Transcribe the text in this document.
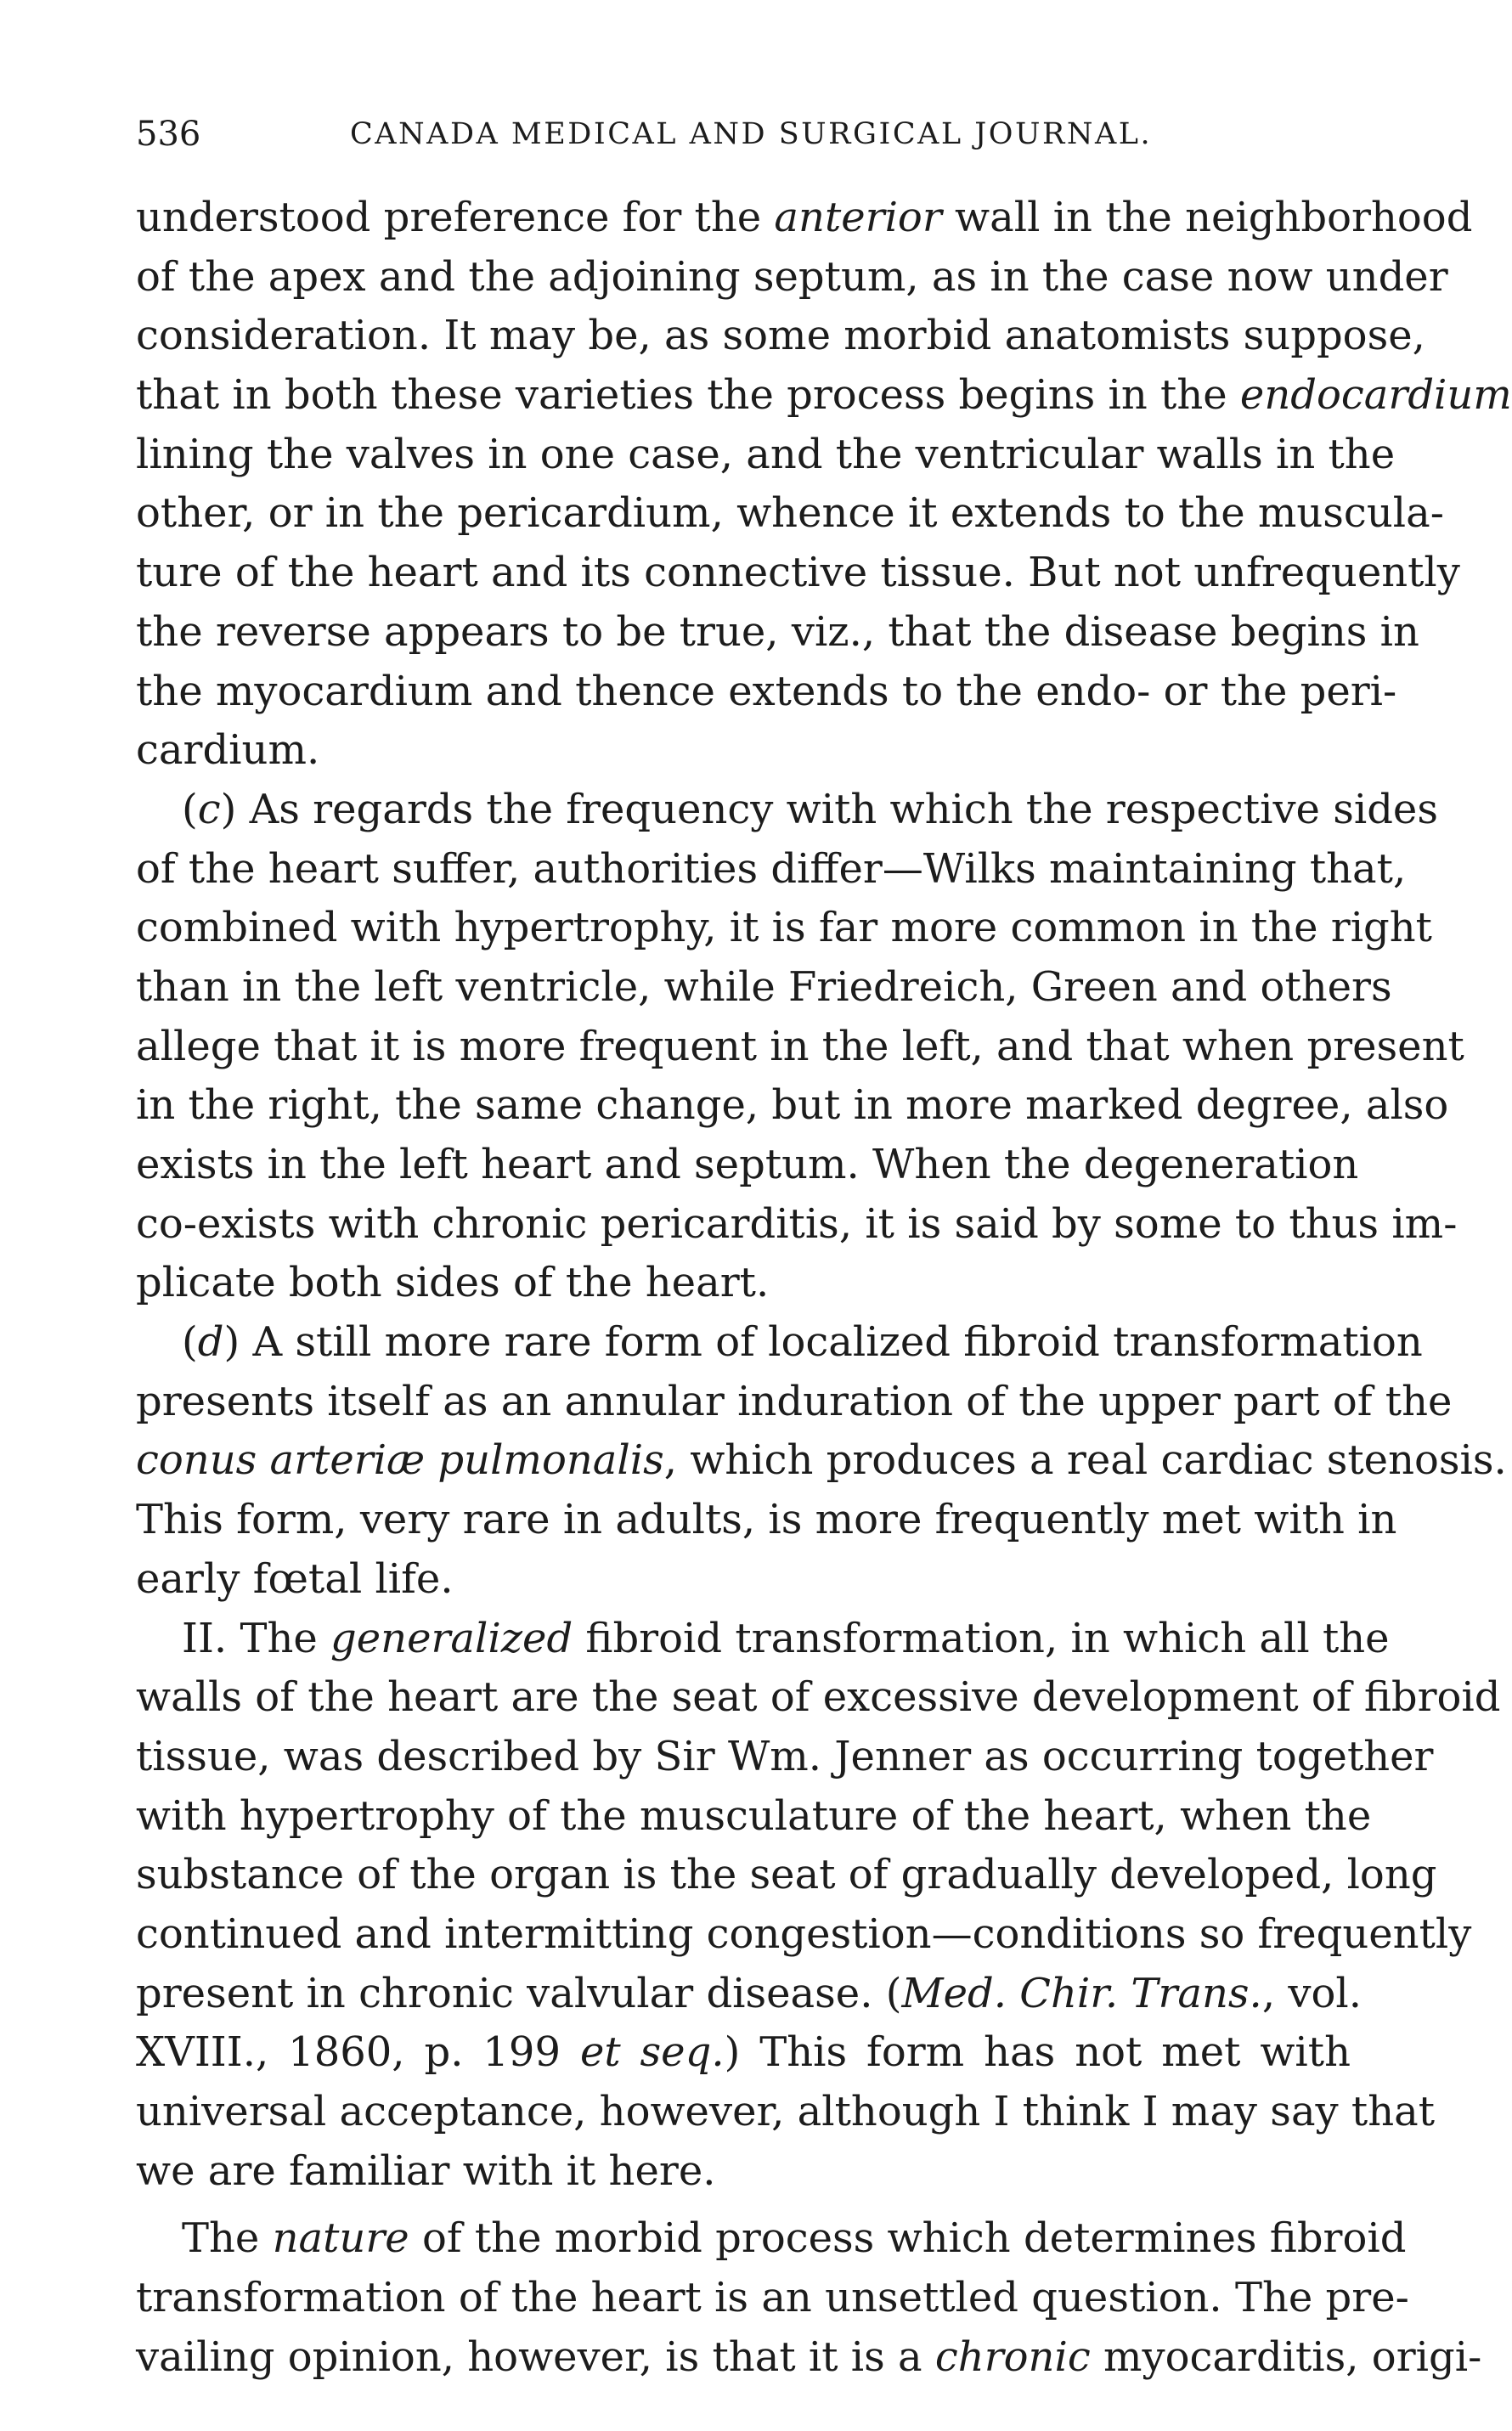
536	CANADA MEDICAL AND SURGICAL JOURNAL.
understood preference for the anterior wall in the neighborhood
of the apex and the adjoining septum, as in the case now under
consideration. It may be, as some morbid anatomists suppose,
that in both these varieties the process begins in the endocardium
lining the valves in one case, and the ventricular walls in the
other, or in the pericardium, whence it extends to the muscula-
ture of the heart and its connective tissue. But not unfrequently
the reverse appears to be true, viz., that the disease begins in
the myocardium and thence extends to the endo- or the peri-
cardium.
(c) As regards the frequency with which the respective sides
of the heart suffer, authorities differ—Wilks maintaining that,
combined with hypertrophy, it is far more common in the right
than in the left ventricle, while Friedreich, Green and others
allege that it is more frequent in the left, and that when present
in the right, the same change, but in more marked degree, also
exists in the left heart and septum. When the degeneration
co-exists with chronic pericarditis, it is said by some to thus im-
plicate both sides of the heart.
(d) A still more rare form of localized fibroid transformation
presents itself as an annular induration of the upper part of the
conus arteriæ pulmonalis, which produces a real cardiac stenosis.
This form, very rare in adults, is more frequently met with in
early fœtal life.
II. The generalized fibroid transformation, in which all the
walls of the heart are the seat of excessive development of fibroid
tissue, was described by Sir Wm. Jenner as occurring together
with hypertrophy of the musculature of the heart, when the
substance of the organ is the seat of gradually developed, long
continued and intermitting congestion—conditions so frequently
present in chronic valvular disease. (Med. Chir. Trans., vol.
XVIII., 1860, p. 199 et seq.) This form has not met with
universal acceptance, however, although I think I may say that
we are familiar with it here.
The nature of the morbid process which determines fibroid
transformation of the heart is an unsettled question. The pre-
vailing opinion, however, is that it is a chronic myocarditis, origi-
